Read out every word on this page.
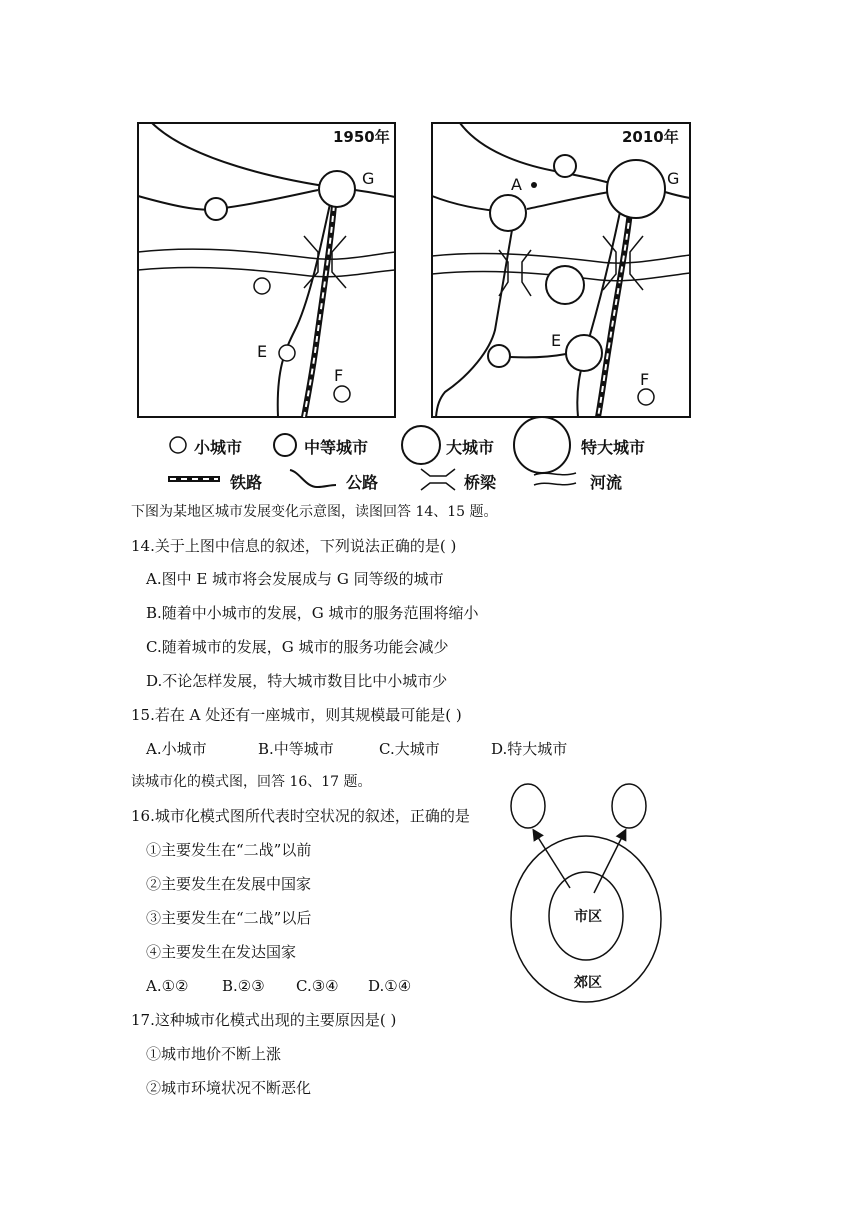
1950年	2010年
G
E
F
G
A
E
F
小城市	中等城市	大城市	特大城市
铁路	公路	桥梁	河流
下图为某地区城市发展变化示意图，读图回答 14、15 题。
14.关于上图中信息的叙述，下列说法正确的是( )
A.图中 E 城市将会发展成与 G 同等级的城市
B.随着中小城市的发展，G 城市的服务范围将缩小
C.随着城市的发展，G 城市的服务功能会减少
D.不论怎样发展，特大城市数目比中小城市少
15.若在 A 处还有一座城市，则其规模最可能是( )
A.小城市	B.中等城市	C.大城市	D.特大城市
读城市化的模式图，回答 16、17 题。
16.城市化模式图所代表时空状况的叙述，正确的是
①主要发生在“二战”以前
②主要发生在发展中国家
③主要发生在“二战”以后
④主要发生在发达国家
A.①② B.②③ C.③④ D.①④
17.这种城市化模式出现的主要原因是( )
①城市地价不断上涨
②城市环境状况不断恶化
市区
郊区
